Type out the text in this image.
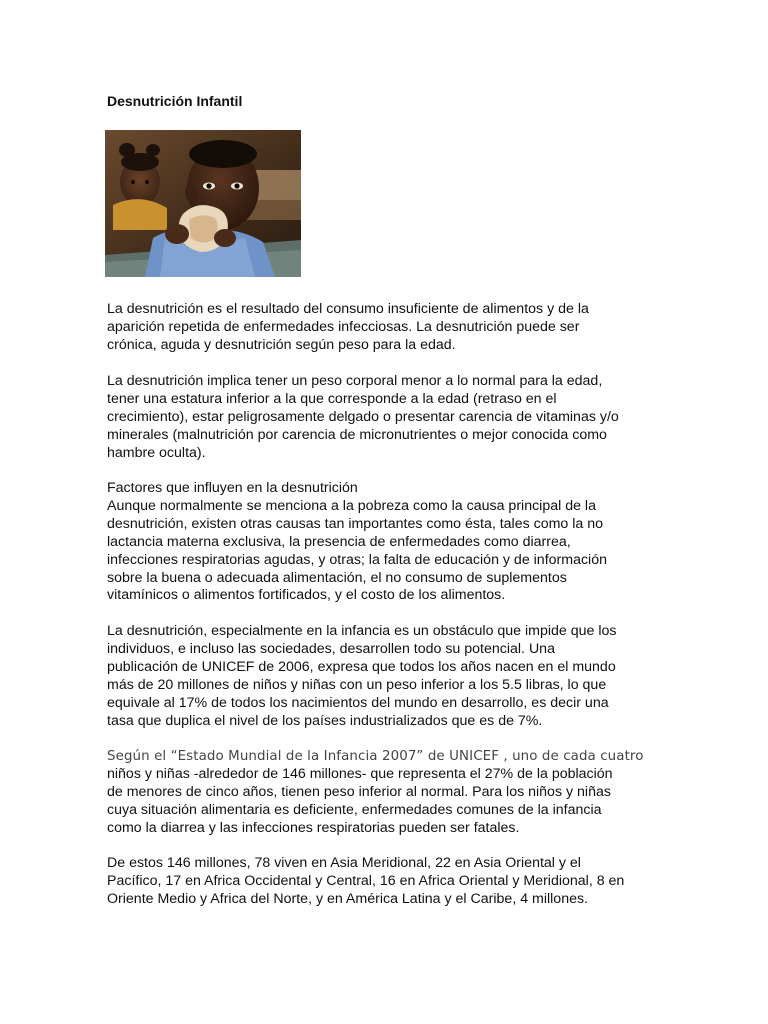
Desnutrición Infantil

La desnutrición es el resultado del consumo insuficiente de alimentos y de la
aparición repetida de enfermedades infecciosas. La desnutrición puede ser
crónica, aguda y desnutrición según peso para la edad.

La desnutrición implica tener un peso corporal menor a lo normal para la edad,
tener una estatura inferior a la que corresponde a la edad (retraso en el
crecimiento), estar peligrosamente delgado o presentar carencia de vitaminas y/o
minerales (malnutrición por carencia de micronutrientes o mejor conocida como
hambre oculta).

Factores que influyen en la desnutrición
Aunque normalmente se menciona a la pobreza como la causa principal de la
desnutrición, existen otras causas tan importantes como ésta, tales como la no
lactancia materna exclusiva, la presencia de enfermedades como diarrea,
infecciones respiratorias agudas, y otras; la falta de educación y de información
sobre la buena o adecuada alimentación, el no consumo de suplementos
vitamínicos o alimentos fortificados, y el costo de los alimentos.

La desnutrición, especialmente en la infancia es un obstáculo que impide que los
individuos, e incluso las sociedades, desarrollen todo su potencial. Una
publicación de UNICEF de 2006, expresa que todos los años nacen en el mundo
más de 20 millones de niños y niñas con un peso inferior a los 5.5 libras, lo que
equivale al 17% de todos los nacimientos del mundo en desarrollo, es decir una
tasa que duplica el nivel de los países industrializados que es de 7%.

Según el “Estado Mundial de la Infancia 2007” de UNICEF , uno de cada cuatro
niños y niñas -alrededor de 146 millones- que representa el 27% de la población
de menores de cinco años, tienen peso inferior al normal. Para los niños y niñas
cuya situación alimentaria es deficiente, enfermedades comunes de la infancia
como la diarrea y las infecciones respiratorias pueden ser fatales.

De estos 146 millones, 78 viven en Asia Meridional, 22 en Asia Oriental y el
Pacífico, 17 en Africa Occidental y Central, 16 en Africa Oriental y Meridional, 8 en
Oriente Medio y Africa del Norte, y en América Latina y el Caribe, 4 millones.
